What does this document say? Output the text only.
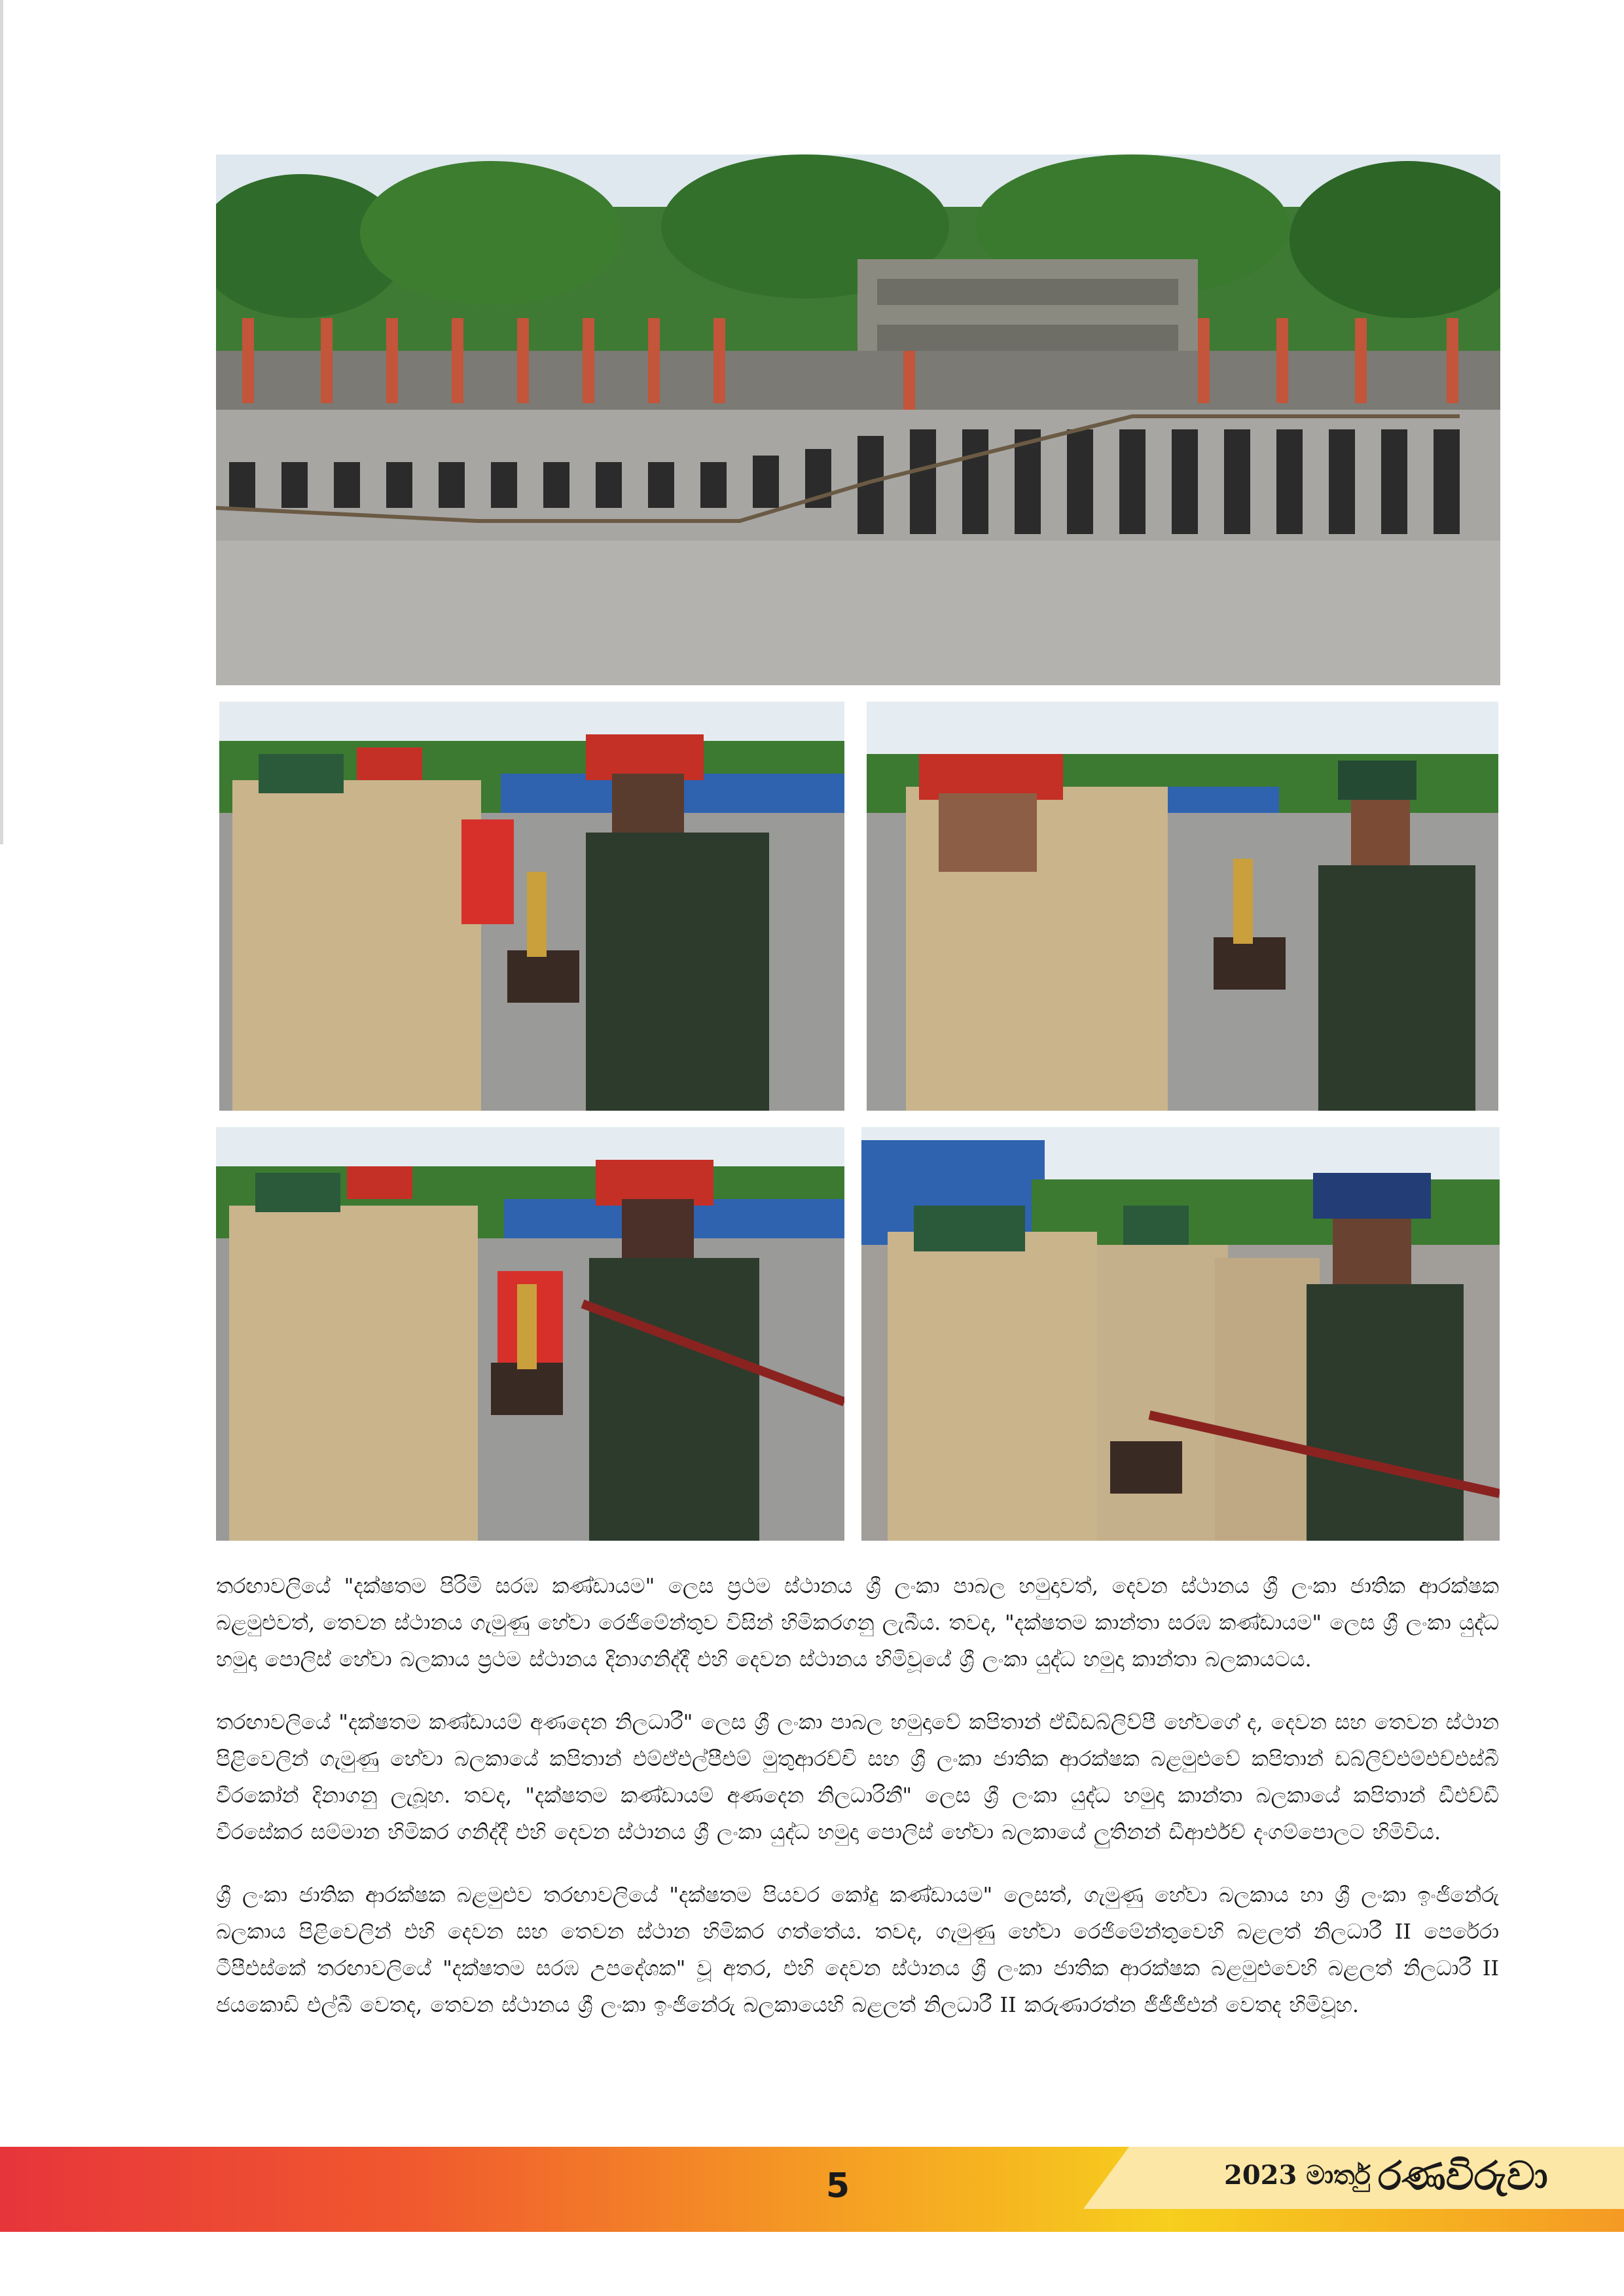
තරඟාවලියේ "දක්ෂතම පිරිමි සරඹ කණ්ඩායම" ලෙස ප්‍රථම ස්ථානය ශ්‍රී ලංකා පාබල හමුදාවත්, දෙවන ස්ථානය ශ්‍රී ලංකා ජාතික ආරක්ෂක බළමුළුවත්, තෙවන ස්ථානය ගැමුණු හේවා රෙජිමේන්තුව විසින් හිමිකරගනු ලැබීය. තවද, "දක්ෂතම කාන්තා සරඹ කණ්ඩායම" ලෙස ශ්‍රී ලංකා යුද්ධ හමුදා පොලිස් හේවා බලකාය ප්‍රථම ස්ථානය දිනාගනිද්දී එහි දෙවන ස්ථානය හිමිවූයේ ශ්‍රී ලංකා යුද්ධ හමුදා කාන්තා බලකායටය.

තරඟාවලියේ "දක්ෂතම කණ්ඩායම් අණදෙන නිලධාරී" ලෙස ශ්‍රී ලංකා පාබල හමුදාවේ කපිතාන් ඒඩීඩබ්ලිව්පී හේවගේ ද, දෙවන සහ තෙවන ස්ථාන පිළිවෙලින් ගැමුණු හේවා බලකායේ කපිතාන් එම්ඒඑල්පීඑම් මුතුආරච්චි සහ ශ්‍රී ලංකා ජාතික ආරක්ෂක බළමුළුවේ කපිතාන් ඩබ්ලිව්එම්එච්එස්බී වීරකෝන් දිනාගනු ලැබූහ. තවද, "දක්ෂතම කණ්ඩායම් අණදෙන නිලධාරිනී" ලෙස ශ්‍රී ලංකා යුද්ධ හමුදා කාන්තා බලකායේ කපිතාන් ඩීඑච්ඩී වීරසේකර සම්මාන හිමිකර ගනිද්දී එහි දෙවන ස්ථානය ශ්‍රී ලංකා යුද්ධ හමුදා පොලිස් හේවා බලකායේ ලුතිනන් ඩීආර්එච් දංගම්පොලට හිමිවිය.

ශ්‍රී ලංකා ජාතික ආරක්ෂක බළමුළුව තරඟාවලියේ "දක්ෂතම පියවර කෝදු කණ්ඩායම" ලෙසත්, ගැමුණු හේවා බලකාය හා ශ්‍රී ලංකා ඉංජිනේරු බලකාය පිළිවෙලින් එහි දෙවන සහ තෙවන ස්ථාන හිමිකර ගත්තේය. තවද, ගැමුණු හේවා රෙජිමේන්තුවෙහි බළලත් නිලධාරී II පෙරේරා ටීපීඑස්කේ තරඟාවලියේ "දක්ෂතම සරඹ උපදේශක" වූ අතර, එහි දෙවන ස්ථානය ශ්‍රී ලංකා ජාතික ආරක්ෂක බළමුළුවෙහි බළලත් නිලධාරී II ජයකොඩි එල්බී වෙතද, තෙවන ස්ථානය ශ්‍රී ලංකා ඉංජිනේරු බලකායෙහි බළලත් නිලධාරී II කරුණාරත්න ජීජීජීඑන් වෙතද හිමිවූහ.

5	2023 මාර්තු රණවිරුවා
